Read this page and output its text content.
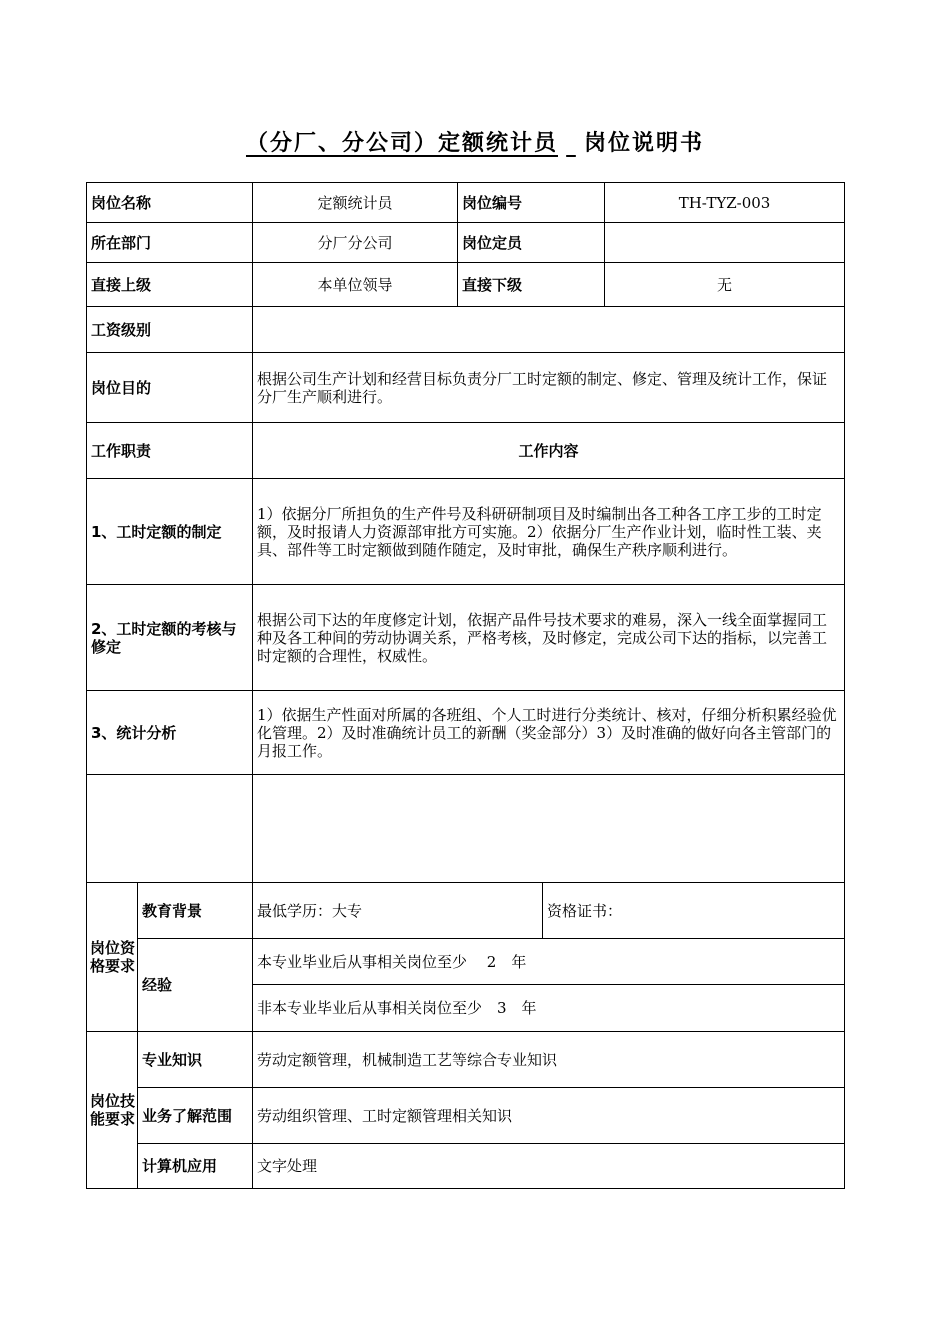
（分厂、分公司）定额统计员 岗位说明书
岗位名称		定额统计员	岗位编号		TH-TYZ-003
所在部门		分厂分公司	岗位定员		
直接上级		本单位领导	直接下级		无
工资级别					
岗位目的		根据公司生产计划和经营目标负责分厂工时定额的制定、修定、管理及统计工作，保证分厂生产顺利进行。			
工作职责		工作内容			
1、工时定额的制定		1）依据分厂所担负的生产件号及科研研制项目及时编制出各工种各工序工步的工时定额，及时报请人力资源部审批方可实施。2）依据分厂生产作业计划，临时性工装、夹具、部件等工时定额做到随作随定，及时审批，确保生产秩序顺利进行。			
2、工时定额的考核与修定		根据公司下达的年度修定计划，依据产品件号技术要求的难易，深入一线全面掌握同工种及各工种间的劳动协调关系，严格考核，及时修定，完成公司下达的指标，以完善工时定额的合理性，权威性。			
3、统计分析		1）依据生产性面对所属的各班组、个人工时进行分类统计、核对，仔细分析积累经验优化管理。2）及时准确统计员工的新酬（奖金部分）3）及时准确的做好向各主管部门的月报工作。			

岗位资格要求	教育背景	最低学历：大专		资格证书：	
	经验	本专业毕业后从事相关岗位至少　 2　年			
		非本专业毕业后从事相关岗位至少　3　年			
岗位技能要求	专业知识	劳动定额管理，机械制造工艺等综合专业知识			
	业务了解范围	劳动组织管理、工时定额管理相关知识			
	计算机应用	文字处理			
